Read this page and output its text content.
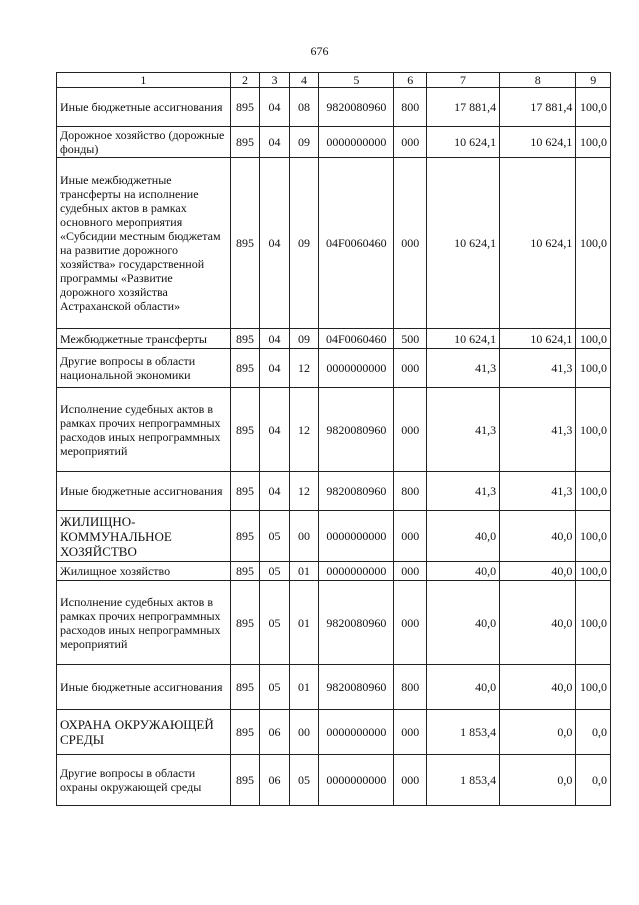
676
1	2	3	4	5	6	7	8	9
Иные бюджетные ассигнования	895	04	08	9820080960	800	17 881,4	17 881,4	100,0
Дорожное хозяйство (дорожные фонды)	895	04	09	0000000000	000	10 624,1	10 624,1	100,0
Иные межбюджетные трансферты на исполнение судебных актов в рамках основного мероприятия «Субсидии местным бюджетам на развитие дорожного хозяйства» государственной программы «Развитие дорожного хозяйства Астраханской области»	895	04	09	04F0060460	000	10 624,1	10 624,1	100,0
Межбюджетные трансферты	895	04	09	04F0060460	500	10 624,1	10 624,1	100,0
Другие вопросы в области национальной экономики	895	04	12	0000000000	000	41,3	41,3	100,0
Исполнение судебных актов в рамках прочих непрограммных расходов иных непрограммных мероприятий	895	04	12	9820080960	000	41,3	41,3	100,0
Иные бюджетные ассигнования	895	04	12	9820080960	800	41,3	41,3	100,0
ЖИЛИЩНО-КОММУНАЛЬНОЕ ХОЗЯЙСТВО	895	05	00	0000000000	000	40,0	40,0	100,0
Жилищное хозяйство	895	05	01	0000000000	000	40,0	40,0	100,0
Исполнение судебных актов в рамках прочих непрограммных расходов иных непрограммных мероприятий	895	05	01	9820080960	000	40,0	40,0	100,0
Иные бюджетные ассигнования	895	05	01	9820080960	800	40,0	40,0	100,0
ОХРАНА ОКРУЖАЮЩЕЙ СРЕДЫ	895	06	00	0000000000	000	1 853,4	0,0	0,0
Другие вопросы в области охраны окружающей среды	895	06	05	0000000000	000	1 853,4	0,0	0,0
